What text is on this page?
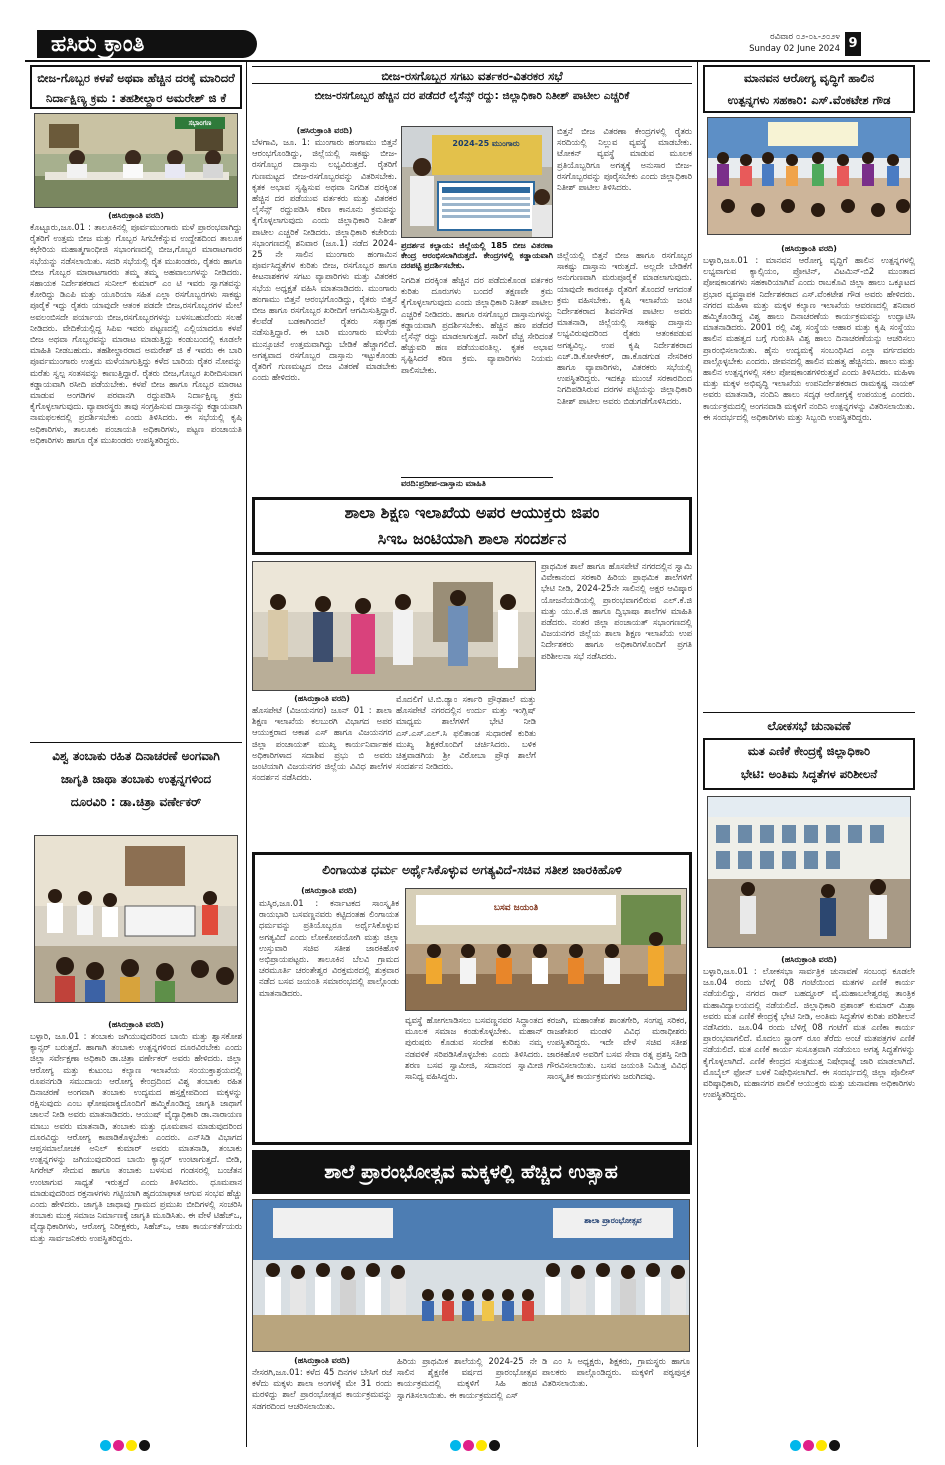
ಹಸಿರು ಕ್ರಾಂತಿ	ರವಿವಾರ ೦೨-೦೬-೨೦೨೪
Sunday 02 June 2024 9
ಬೀಜ-ಗೊಬ್ಬರ ಕಳಪೆ ಅಥವಾ ಹೆಚ್ಚಿನ ದರಕ್ಕೆ ಮಾರಿದರೆ
ನಿರ್ದಾಕ್ಷಿಣ್ಯ ಕ್ರಮ : ತಹಶೀಲ್ದಾರ ಅಮರೇಶ್ ಜಿ ಕೆ
ಸಭಾಂಗಣ
(ಹಸಿರುಕ್ರಾಂತಿ ವರದಿ)
ಕೊಟ್ಟೂರು,ಜೂ.01 : ತಾಲೂಕಿನಲ್ಲಿ ಪೂರ್ವಮುಂಗಾರು ಮಳೆ ಪ್ರಾರಂಭವಾಗಿದ್ದು ರೈತರಿಗೆ ಉತ್ತಮ ಬೀಜ ಮತ್ತು ಗೊಬ್ಬರ ಸಿಗಬೇಕೆನ್ನುವ ಉದ್ದೇಶದಿಂದ ತಾಲೂಕ ಕಛೇರಿಯ ಮಹಾತ್ಮಗಾಂಧೀಜಿ ಸಭಾಂಗಣದಲ್ಲಿ ಬೀಜ,ಗೊಬ್ಬರ ಮಾರಾಟಗಾರರ ಸಭೆಯನ್ನು ನಡೆಸಲಾಯಿತು. ಸದರಿ ಸಭೆಯಲ್ಲಿ ರೈತ ಮುಖಂಡರು, ರೈತರು ಹಾಗೂ ಬೀಜ ಗೊಬ್ಬರ ಮಾರಾಟಗಾರರು ತಮ್ಮ ತಮ್ಮ ಅಹವಾಲುಗಳನ್ನು ನೀಡಿದರು. ಸಹಾಯಕ ನಿರ್ದೇಶಕರಾದ ಸುನೀಲ್ ಕುಮಾರ್ ಎಂ ಟಿ ಇವರು ಸ್ವಾಗತವನ್ನು ಕೋರಿದ್ದು ಡಿಎಪಿ ಮತ್ತು ಯೂರಿಯಾ ಸಹಿತ ಎಲ್ಲಾ ರಸಗೊಬ್ಬರಗಳು ಸಾಕಷ್ಟು ಪೂರೈಕೆ ಇದ್ದು ರೈತರು ಯಾವುದೇ ಆತಂಕ ಪಡದೇ ಬೀಜ,ರಸಗೊಬ್ಬರಗಳ ಮೇಲೆ ಅವಲಂಬಿಸದೇ ಪರ್ಯಾಯ ಬೀಜ,ರಸಗೊಬ್ಬರಗಳನ್ನು ಬಳಸಬಹುದೆಂದು ಸಲಹೆ ನೀಡಿದರು. ವೇದಿಕೆಯಲ್ಲಿದ್ದ ಸಿಪಿಐ ಇವರು ಪಟ್ಟಣದಲ್ಲಿ ಎಲ್ಲಿಯಾದರೂ ಕಳಪೆ ಬೀಜ ಅಥವಾ ಗೊಬ್ಬರವನ್ನು ಮಾರಾಟ ಮಾಡುತ್ತಿದ್ದು ಕಂಡುಬಂದಲ್ಲಿ ಕೂಡಲೇ ಮಾಹಿತಿ ನೀಡಬಹುದು. ತಹಶೀಲ್ದಾರರಾದ ಅಮರೇಶ್ ಜಿ ಕೆ ಇವರು ಈ ಬಾರಿ ಪೂರ್ವಮುಂಗಾರು ಉತ್ತಮ ಮಳೆಯಾಗುತ್ತಿದ್ದು ಕಳೆದ ಬಾರಿಯ ರೈತರ ನೋವನ್ನು ಮರೆತು ಸ್ವಲ್ಪ ಸಂತಸವನ್ನು ಕಾಣುತ್ತಿದ್ದಾರೆ. ರೈತರು ಬೀಜ,ಗೊಬ್ಬರ ಖರೀದಿಸುವಾಗ ಕಡ್ಡಾಯವಾಗಿ ರಸೀದಿ ಪಡೆಯಬೇಕು. ಕಳಪೆ ಬೀಜ ಹಾಗೂ ಗೊಬ್ಬರ ಮಾರಾಟ ಮಾಡುವ ಅಂಗಡಿಗಳ ಪರವಾನಗಿ ರದ್ದುಪಡಿಸಿ ನಿರ್ದಾಕ್ಷಿಣ್ಯ ಕ್ರಮ ಕೈಗೊಳ್ಳಲಾಗುವುದು. ವ್ಯಾಪಾರಸ್ಥರು ತಾವು ಸಂಗ್ರಹಿಸುವ ದಾಸ್ತಾನನ್ನು ಕಡ್ಡಾಯವಾಗಿ ನಾಮಫಲಕದಲ್ಲಿ ಪ್ರದರ್ಶಿಸಬೇಕು ಎಂದು ತಿಳಿಸಿದರು. ಈ ಸಭೆಯಲ್ಲಿ ಕೃಷಿ ಅಧಿಕಾರಿಗಳು, ತಾಲೂಕು ಪಂಚಾಯತಿ ಅಧಿಕಾರಿಗಳು, ಪಟ್ಟಣ ಪಂಚಾಯತಿ ಅಧಿಕಾರಿಗಳು ಹಾಗೂ ರೈತ ಮುಖಂಡರು ಉಪಸ್ಥಿತರಿದ್ದರು.
ವಿಶ್ವ ತಂಬಾಕು ರಹಿತ ದಿನಾಚರಣೆ ಅಂಗವಾಗಿ
ಜಾಗೃತಿ ಜಾಥಾ ತಂಬಾಕು ಉತ್ಪನ್ನಗಳಿಂದ
ದೂರವಿರಿ : ಡಾ.ಚಿತ್ರಾ ವರ್ಣೇಕರ್
(ಹಸಿರುಕ್ರಾಂತಿ ವರದಿ)
ಬಳ್ಳಾರಿ, ಜೂ.01 : ತಂಬಾಕು ಜಗಿಯುವುದರಿಂದ ಬಾಯಿ ಮತ್ತು ಶ್ವಾಸಕೋಶ ಕ್ಯಾನ್ಸರ್ ಬರುತ್ತದೆ. ಹಾಗಾಗಿ ತಂಬಾಕು ಉತ್ಪನ್ನಗಳಿಂದ ದೂರವಿರಬೇಕು ಎಂದು ಜಿಲ್ಲಾ ಸರ್ವೇಕ್ಷಣಾ ಅಧಿಕಾರಿ ಡಾ.ಚಿತ್ರಾ ವರ್ಣೇಕರ್ ಅವರು ಹೇಳಿದರು. ಜಿಲ್ಲಾ ಆರೋಗ್ಯ ಮತ್ತು ಕುಟುಂಬ ಕಲ್ಯಾಣ ಇಲಾಖೆಯ ಸಂಯುಕ್ತಾಶ್ರಯದಲ್ಲಿ ರೂಪನಗುಡಿ ಸಮುದಾಯ ಆರೋಗ್ಯ ಕೇಂದ್ರದಿಂದ ವಿಶ್ವ ತಂಬಾಕು ರಹಿತ ದಿನಾಚರಣೆ ಅಂಗವಾಗಿ ತಂಬಾಕು ಉದ್ಯಮದ ಹಸ್ತಕ್ಷೇಪದಿಂದ ಮಕ್ಕಳನ್ನು ರಕ್ಷಿಸುವುದು ಎಂಬ ಘೋಷವಾಕ್ಯದೊಂದಿಗೆ ಹಮ್ಮಿಕೊಂಡಿದ್ದ ಜಾಗೃತಿ ಜಾಥಾಗೆ ಚಾಲನೆ ನೀಡಿ ಅವರು ಮಾತನಾಡಿದರು. ಆಯುಷ್ ವೈದ್ಯಾಧಿಕಾರಿ ಡಾ.ನಾರಾಯಣ ಮಾಬು ಅವರು ಮಾತನಾಡಿ, ತಂಬಾಕು ಮತ್ತು ಧೂಮಪಾನ ಮಾಡುವುದರಿಂದ ದೂರವಿದ್ದು ಆರೋಗ್ಯ ಕಾಪಾಡಿಕೊಳ್ಳಬೇಕು ಎಂದರು. ಎನ್‌ಸಿಡಿ ವಿಭಾಗದ ಆಪ್ತಸಮಾಲೋಚಕ ಅನಿಲ್ ಕುಮಾರ್ ಅವರು ಮಾತನಾಡಿ, ತಂಬಾಕು ಉತ್ಪನ್ನಗಳನ್ನು ಜಗಿಯುವುದರಿಂದ ಬಾಯಿ ಕ್ಯಾನ್ಸರ್ ಉಂಟಾಗುತ್ತದೆ. ಬೀಡಿ, ಸಿಗರೇಟ್ ಸೇದುವ ಹಾಗೂ ತಂಬಾಕು ಬಳಸುವ ಗಂಡಸರಲ್ಲಿ ಬಂಜೆತನ ಉಂಟಾಗುವ ಸಾಧ್ಯತೆ ಇರುತ್ತದೆ ಎಂದು ತಿಳಿಸಿದರು. ಧೂಮಪಾನ ಮಾಡುವುದರಿಂದ ರಕ್ತನಾಳಗಳು ಗಟ್ಟಿಯಾಗಿ ಹೃದಯಾಘಾತ ಆಗುವ ಸಂಭವ ಹೆಚ್ಚು ಎಂದು ಹೇಳಿದರು. ಜಾಗೃತಿ ಜಾಥಾವು ಗ್ರಾಮದ ಪ್ರಮುಖ ಬೀದಿಗಳಲ್ಲಿ ಸಂಚರಿಸಿ ತಂಬಾಕು ಮುಕ್ತ ಸಮಾಜ ನಿರ್ಮಾಣಕ್ಕೆ ಜಾಗೃತಿ ಮೂಡಿಸಿತು. ಈ ವೇಳೆ ಟಿಹೆಚ್‌ಒ, ವೈದ್ಯಾಧಿಕಾರಿಗಳು, ಆರೋಗ್ಯ ನಿರೀಕ್ಷಕರು, ಸಿಹೆಚ್‌ಒ, ಆಶಾ ಕಾರ್ಯಕರ್ತೆಯರು ಮತ್ತು ಸಾರ್ವಜನಿಕರು ಉಪಸ್ಥಿತರಿದ್ದರು.
ಬೀಜ-ರಸಗೊಬ್ಬರ ಸಗಟು ವರ್ತಕರ-ವಿತರಕರ ಸಭೆ
ಬೀಜ-ರಸಗೊಬ್ಬರ ಹೆಚ್ಚಿನ ದರ ಪಡೆದರೆ ಲೈಸೆನ್ಸ್ ರದ್ದು: ಜಿಲ್ಲಾಧಿಕಾರಿ ನಿತೀಶ್ ಪಾಟೀಲ ಎಚ್ಚರಿಕೆ
(ಹಸಿರುಕ್ರಾಂತಿ ವರದಿ)
ಬೆಳಗಾವಿ, ಜೂ. 1: ಮುಂಗಾರು ಹಂಗಾಮು ಬಿತ್ತನೆ ಆರಂಭಗೊಂಡಿದ್ದು, ಜಿಲ್ಲೆಯಲ್ಲಿ ಸಾಕಷ್ಟು ಬೀಜ-ರಸಗೊಬ್ಬರ ದಾಸ್ತಾನು ಲಭ್ಯವಿರುತ್ತದೆ. ರೈತರಿಗೆ ಗುಣಮಟ್ಟದ ಬೀಜ-ರಸಗೊಬ್ಬರವನ್ನು ವಿತರಿಸಬೇಕು. ಕೃತಕ ಅಭಾವ ಸೃಷ್ಟಿಸುವ ಅಥವಾ ನಿಗದಿತ ದರಕ್ಕಿಂತ ಹೆಚ್ಚಿನ ದರ ಪಡೆಯುವ ವರ್ತಕರು ಮತ್ತು ವಿತರಕರ ಲೈಸೆನ್ಸ್ ರದ್ದುಪಡಿಸಿ ಕಠಿಣ ಕಾನೂನು ಕ್ರಮವನ್ನು ಕೈಗೊಳ್ಳಲಾಗುವುದು ಎಂದು ಜಿಲ್ಲಾಧಿಕಾರಿ ನಿತೀಶ್ ಪಾಟೀಲ ಎಚ್ಚರಿಕೆ ನೀಡಿದರು. ಜಿಲ್ಲಾಧಿಕಾರಿ ಕಚೇರಿಯ ಸಭಾಂಗಣದಲ್ಲಿ ಶನಿವಾರ (ಜೂ.1) ನಡೆದ 2024-25 ನೇ ಸಾಲಿನ ಮುಂಗಾರು ಹಂಗಾಮಿನ ಪೂರ್ವಸಿದ್ಧತೆಗಳ ಕುರಿತು ಬೀಜ, ರಸಗೊಬ್ಬರ ಹಾಗೂ ಕೀಟನಾಶಕಗಳ ಸಗಟು ವ್ಯಾಪಾರಿಗಳು ಮತ್ತು ವಿತರಕರ ಸಭೆಯ ಅಧ್ಯಕ್ಷತೆ ವಹಿಸಿ ಮಾತನಾಡಿದರು. ಮುಂಗಾರು ಹಂಗಾಮು ಬಿತ್ತನೆ ಆರಂಭಗೊಂಡಿದ್ದು, ರೈತರು ಬಿತ್ತನೆ ಬೀಜ ಹಾಗೂ ರಸಗೊಬ್ಬರ ಖರೀದಿಗೆ ಆಗಮಿಸುತ್ತಿದ್ದಾರೆ. ಕೆಲವೆಡೆ ಬಡಕಾಗಿಂದಲೆ ರೈತರು ಸತ್ಯಾಗ್ರಹ ನಡೆಸುತ್ತಿದ್ದಾರೆ. ಈ ಬಾರಿ ಮುಂಗಾರು ಮಳೆಯ ಮುನ್ಸೂಚನೆ ಉತ್ತಮವಾಗಿದ್ದು ಬೇಡಿಕೆ ಹೆಚ್ಚಾಗಲಿದೆ. ಅಗತ್ಯವಾದ ರಸಗೊಬ್ಬರ ದಾಸ್ತಾನು ಇಟ್ಟುಕೊಂಡು ರೈತರಿಗೆ ಗುಣಮಟ್ಟದ ಬೀಜ ವಿತರಣೆ ಮಾಡಬೇಕು ಎಂದು ಹೇಳಿದರು.
2024-25 ಮುಂಗಾರು
ಪ್ರದರ್ಶನ ಕಲ್ಪಾಯ: ಜಿಲ್ಲೆಯಲ್ಲಿ 185 ಬೀಜ ವಿತರಣಾ ಕೇಂದ್ರ ಆರಂಭಿಸಲಾಗಿರುತ್ತದೆ. ಕೇಂದ್ರಗಳಲ್ಲಿ ಕಡ್ಡಾಯವಾಗಿ ದರಪಟ್ಟಿ ಪ್ರದರ್ಶಿಸಬೇಕು.
ನಿಗದಿತ ದರಕ್ಕಿಂತ ಹೆಚ್ಚಿನ ದರ ಪಡೆದುಕೊಂಡ ವರ್ತಕರ ಕುರಿತು ದೂರುಗಳು ಬಂದರೆ ತಕ್ಷಣವೇ ಕ್ರಮ ಕೈಗೊಳ್ಳಲಾಗುವುದು ಎಂದು ಜಿಲ್ಲಾಧಿಕಾರಿ ನಿತೀಶ್ ಪಾಟೀಲ ಎಚ್ಚರಿಕೆ ನೀಡಿದರು. ಹಾಗೂ ರಸಗೊಬ್ಬರ ದಾಸ್ತಾನುಗಳನ್ನು ಕಡ್ಡಾಯವಾಗಿ ಪ್ರದರ್ಶಿಸಬೇಕು. ಹೆಚ್ಚಿನ ಹಣ ಪಡೆದರೆ ಲೈಸೆನ್ಸ್ ರದ್ದು ಮಾಡಲಾಗುತ್ತದೆ. ಸಾರಿಗೆ ವೆಚ್ಚ ಸೇರಿದಂತೆ ಹೆಚ್ಚುವರಿ ಹಣ ಪಡೆಯುವಂತಿಲ್ಲ. ಕೃತಕ ಅಭಾವ ಸೃಷ್ಟಿಸಿದರೆ ಕಠಿಣ ಕ್ರಮ. ವ್ಯಾಪಾರಿಗಳು ನಿಯಮ ಪಾಲಿಸಬೇಕು.
ವರದಿ:ಪ್ರದೀಪ-ದಾಸ್ತಾನು ಮಾಹಿತಿ
ಬಿತ್ತನೆ ಬೀಜ ವಿತರಣಾ ಕೇಂದ್ರಗಳಲ್ಲಿ ರೈತರು ಸರದಿಯಲ್ಲಿ ನಿಲ್ಲುವ ವ್ಯವಸ್ಥೆ ಮಾಡಬೇಕು. ಟೋಕನ್ ವ್ಯವಸ್ಥೆ ಮಾಡುವ ಮೂಲಕ ಪ್ರತಿಯೊಬ್ಬರಿಗೂ ಅಗತ್ಯಕ್ಕೆ ಅನುಸಾರ ಬೀಜ-ರಸಗೊಬ್ಬರವನ್ನು ಪೂರೈಸಬೇಕು ಎಂದು ಜಿಲ್ಲಾಧಿಕಾರಿ ನಿತೀಶ್ ಪಾಟೀಲ ತಿಳಿಸಿದರು.
ಜಿಲ್ಲೆಯಲ್ಲಿ ಬಿತ್ತನೆ ಬೀಜ ಹಾಗೂ ರಸಗೊಬ್ಬರ ಸಾಕಷ್ಟು ದಾಸ್ತಾನು ಇರುತ್ತದೆ. ಅಲ್ಲದೇ ಬೇಡಿಕೆಗೆ ಅನುಗುಣವಾಗಿ ಮರುಪೂರೈಕೆ ಮಾಡಲಾಗುವುದು. ಯಾವುದೇ ಕಾರಣಕ್ಕೂ ರೈತರಿಗೆ ತೊಂದರೆ ಆಗದಂತೆ ಕ್ರಮ ವಹಿಸಬೇಕು. ಕೃಷಿ ಇಲಾಖೆಯ ಜಂಟಿ ನಿರ್ದೇಶಕರಾದ ಶಿವನಗೌಡ ಪಾಟೀಲ ಅವರು ಮಾತನಾಡಿ, ಜಿಲ್ಲೆಯಲ್ಲಿ ಸಾಕಷ್ಟು ದಾಸ್ತಾನು ಲಭ್ಯವಿರುವುದರಿಂದ ರೈತರು ಆತಂಕಪಡುವ ಅಗತ್ಯವಿಲ್ಲ. ಉಪ ಕೃಷಿ ನಿರ್ದೇಶಕರಾದ ಎಚ್.ಡಿ.ಕೋಳೇಕರ್, ಡಾ.ಕೊಡಗುಡ ನೇಸರಿಕರ ಹಾಗೂ ವ್ಯಾಪಾರಿಗಳು, ವಿತರಕರು ಸಭೆಯಲ್ಲಿ ಉಪಸ್ಥಿತರಿದ್ದರು. ಇದಕ್ಕೂ ಮುಂಚೆ ಸರಕಾರದಿಂದ ನಿಗದಿಪಡಿಸಿರುವ ದರಗಳ ಪಟ್ಟಿಯನ್ನು ಜಿಲ್ಲಾಧಿಕಾರಿ ನಿತೀಶ್ ಪಾಟೀಲ ಅವರು ಬಿಡುಗಡೆಗೊಳಿಸಿದರು.
ಶಾಲಾ ಶಿಕ್ಷಣ ಇಲಾಖೆಯ ಅಪರ ಆಯುಕ್ತರು ಜಿಪಂ
ಸಿಇಒ ಜಂಟಿಯಾಗಿ ಶಾಲಾ ಸಂದರ್ಶನ
ಪ್ರಾಥಮಿಕ ಶಾಲೆ ಹಾಗೂ ಹೊಸಪೇಟೆ ನಗರದಲ್ಲಿನ ಸ್ವಾಮಿ ವಿವೇಕಾನಂದ ಸರಕಾರಿ ಹಿರಿಯ ಪ್ರಾಥಮಿಕ ಶಾಲೆಗಳಿಗೆ ಭೇಟಿ ನೀಡಿ, 2024-25ನೇ ಸಾಲಿನಲ್ಲಿ ಅಕ್ಷರ ಆವಿಷ್ಕಾರ ಯೋಜನೆಯಡಿಯಲ್ಲಿ ಪ್ರಾರಂಭವಾಗಲಿರುವ ಎಲ್.ಕೆ.ಜಿ ಮತ್ತು ಯು.ಕೆ.ಜಿ ಹಾಗೂ ದ್ವಿಭಾಷಾ ಶಾಲೆಗಳ ಮಾಹಿತಿ ಪಡೆದರು. ನಂತರ ಜಿಲ್ಲಾ ಪಂಚಾಯತ್ ಸಭಾಂಗಣದಲ್ಲಿ ವಿಜಯನಗರ ಜಿಲ್ಲೆಯ ಶಾಲಾ ಶಿಕ್ಷಣ ಇಲಾಖೆಯ ಉಪ ನಿರ್ದೇಶಕರು ಹಾಗೂ ಅಧಿಕಾರಿಗಳೊಂದಿಗೆ ಪ್ರಗತಿ ಪರಿಶೀಲನಾ ಸಭೆ ನಡೆಸಿದರು.
(ಹಸಿರುಕ್ರಾಂತಿ ವರದಿ)
ಹೊಸಪೇಟೆ (ವಿಜಯನಗರ) ಜೂನ್ 01 : ಶಾಲಾ ಶಿಕ್ಷಣ ಇಲಾಖೆಯ ಕಲಬುರಗಿ ವಿಭಾಗದ ಅಪರ ಆಯುಕ್ತರಾದ ಆಕಾಶ ಎಸ್ ಹಾಗೂ ವಿಜಯನಗರ ಜಿಲ್ಲಾ ಪಂಚಾಯತ್ ಮುಖ್ಯ ಕಾರ್ಯನಿರ್ವಾಹಕ ಅಧಿಕಾರಿಗಳಾದ ಸದಾಶಿವ ಪ್ರಭು ಬಿ ಅವರು ಜಂಟಿಯಾಗಿ ವಿಜಯನಗರ ಜಿಲ್ಲೆಯ ವಿವಿಧ ಶಾಲೆಗಳ ಸಂದರ್ಶನ ನಡೆಸಿದರು.
ಮೊದಲಿಗೆ ಟಿ.ಬಿ.ಡ್ಯಾಂ ಸರ್ಕಾರಿ ಪ್ರೌಢಶಾಲೆ ಮತ್ತು ಹೊಸಪೇಟೆ ನಗರದಲ್ಲಿನ ಉರ್ದು ಮತ್ತು ಇಂಗ್ಲಿಷ್ ಮಾಧ್ಯಮ ಶಾಲೆಗಳಿಗೆ ಭೇಟಿ ನೀಡಿ ಎಸ್.ಎಸ್.ಎಲ್.ಸಿ ಫಲಿತಾಂಶ ಸುಧಾರಣೆ ಕುರಿತು ಮುಖ್ಯ ಶಿಕ್ಷಕರೊಂದಿಗೆ ಚರ್ಚಿಸಿದರು. ಬಳಿಕ ಚಿತ್ತವಾಡಗಿಯ ಶ್ರೀ ವಿಠೋಬಾ ಪ್ರೌಢ ಶಾಲೆಗೆ ಸಂದರ್ಶನ ನೀಡಿದರು.
ಲಿಂಗಾಯತ ಧರ್ಮ ಅರ್ಥೈಸಿಕೊಳ್ಳುವ ಅಗತ್ಯವಿದೆ-ಸಚಿವ ಸತೀಶ ಜಾರಕಿಹೊಳಿ
(ಹಸಿರುಕ್ರಾಂತಿ ವರದಿ)
ಮಸ್ಕಿರ,ಜೂ.01 : ಕರ್ನಾಟಕದ ಸಾಂಸ್ಕೃತಿಕ ರಾಯಭಾರಿ ಬಸವಣ್ಣನವರು ಕಟ್ಟಿದಂತಹ ಲಿಂಗಾಯತ ಧರ್ಮವನ್ನು ಪ್ರತಿಯೊಬ್ಬರೂ ಅರ್ಥೈಸಿಕೊಳ್ಳುವ ಅಗತ್ಯವಿದೆ ಎಂದು ಲೋಕೋಪಯೋಗಿ ಮತ್ತು ಜಿಲ್ಲಾ ಉಸ್ತುವಾರಿ ಸಚಿವ ಸತೀಶ ಜಾರಕಿಹೊಳಿ ಅಭಿಪ್ರಾಯಪಟ್ಟರು. ತಾಲೂಕಿನ ಬೆಲವಿ ಗ್ರಾಮದ ಚರಮೂರ್ತಿ ಚರಂತೇಶ್ವರ ವಿರಕ್ತಮಠದಲ್ಲಿ ಶುಕ್ರವಾರ ನಡೆದ ಬಸವ ಜಯಂತಿ ಸಮಾರಂಭದಲ್ಲಿ ಪಾಲ್ಗೊಂಡು ಮಾತನಾಡಿದರು.
ಬಸವ ಜಯಂತಿ
ವ್ಯವಸ್ಥೆ ಹೋಗಲಾಡಿಸಲು ಬಸವಣ್ಣನವರ ಸಿದ್ಧಾಂತದ ಮೂಲಕ ಸಮಾಜ ಕಂಡುಕೊಳ್ಳಬೇಕು. ಮಹಾನ್ ಪುರುಷರು ಕೊಡುವ ಸಂದೇಶ ಕುರಿತು ನಮ್ಮ ನಡವಳಿಕೆ ಸರಿಪಡಿಸಿಕೊಳ್ಳಬೇಕು ಎಂದು ತಿಳಿಸಿದರು. ಶರಣ ಬಸವ ಸ್ವಾಮೀಜಿ, ಸದಾನಂದ ಸ್ವಾಮೀಜಿ ಸಾನಿಧ್ಯ ವಹಿಸಿದ್ದರು.
ಕರಜಗಿ, ಮಹಾಂತೇಶ ಶಾಂತಗೇರಿ, ಸಂಗಪ್ಪ ಸರಿಕರ, ರಾಜಶೇಖರ ಮಂಡಳಿ ವಿವಿಧ ಮಠಾಧೀಶರು ಉಪಸ್ಥಿತರಿದ್ದರು. ಇದೇ ವೇಳೆ ಸಚಿವ ಸತೀಶ ಜಾರಕಿಹೊಳಿ ಅವರಿಗೆ ಬಸವ ಸೇವಾ ರತ್ನ ಪ್ರಶಸ್ತಿ ನೀಡಿ ಗೌರವಿಸಲಾಯಿತು. ಬಸವ ಜಯಂತಿ ನಿಮಿತ್ತ ವಿವಿಧ ಸಾಂಸ್ಕೃತಿಕ ಕಾರ್ಯಕ್ರಮಗಳು ಜರುಗಿದವು.
ಶಾಲೆ ಪ್ರಾರಂಭೋತ್ಸವ ಮಕ್ಕಳಲ್ಲಿ ಹೆಚ್ಚಿದ ಉತ್ಸಾಹ
ಶಾಲಾ ಪ್ರಾರಂಭೋತ್ಸವ
(ಹಸಿರುಕ್ರಾಂತಿ ವರದಿ)
ನೇಸರಗಿ,ಜೂ.01: ಕಳೆದ 45 ದಿನಗಳ ಬೇಸಿಗೆ ರಜೆ ಕಳೆದು ಮಕ್ಕಳು ಶಾಲಾ ಅಂಗಳಕ್ಕೆ ಮೇ 31 ರಂದು ಮರಳಿದ್ದು ಶಾಲೆ ಪ್ರಾರಂಭೋತ್ಸವ ಕಾರ್ಯಕ್ರಮವನ್ನು ಸಡಗರದಿಂದ ಆಚರಿಸಲಾಯಿತು.
ಹಿರಿಯ ಪ್ರಾಥಮಿಕ ಶಾಲೆಯಲ್ಲಿ 2024-25 ನೇ ಸಾಲಿನ ಶೈಕ್ಷಣಿಕ ವರ್ಷದ ಪ್ರಾರಂಭೋತ್ಸವ ಕಾರ್ಯಕ್ರಮದಲ್ಲಿ ಮಕ್ಕಳಿಗೆ ಸಿಹಿ ಹಂಚಿ ಸ್ವಾಗತಿಸಲಾಯಿತು. ಈ ಕಾರ್ಯಕ್ರಮದಲ್ಲಿ ಎಸ್
ಡಿ ಎಂ ಸಿ ಅಧ್ಯಕ್ಷರು, ಶಿಕ್ಷಕರು, ಗ್ರಾಮಸ್ಥರು ಹಾಗೂ ಪಾಲಕರು ಪಾಲ್ಗೊಂಡಿದ್ದರು. ಮಕ್ಕಳಿಗೆ ಪಠ್ಯಪುಸ್ತಕ ವಿತರಿಸಲಾಯಿತು.
ಮಾನವನ ಆರೋಗ್ಯ ವೃದ್ಧಿಗೆ ಹಾಲಿನ
ಉತ್ಪನ್ನಗಳು ಸಹಕಾರಿ: ಎಸ್.ವೆಂಕಟೇಶ ಗೌಡ
(ಹಸಿರುಕ್ರಾಂತಿ ವರದಿ)
ಬಳ್ಳಾರಿ,ಜೂ.01 : ಮಾನವನ ಆರೋಗ್ಯ ವೃದ್ಧಿಗೆ ಹಾಲಿನ ಉತ್ಪನ್ನಗಳಲ್ಲಿ ಲಭ್ಯವಾಗುವ ಕ್ಯಾಲ್ಸಿಯಂ, ಪ್ರೋಟಿನ್, ವಿಟಮಿನ್-ಬಿ2 ಮುಂತಾದ ಪೋಷಕಾಂಶಗಳು ಸಹಕಾರಿಯಾಗಿವೆ ಎಂದು ರಾಬಕೊವಿ ಜಿಲ್ಲಾ ಹಾಲು ಒಕ್ಕೂಟದ ಪ್ರಭಾರ ವ್ಯವಸ್ಥಾಪಕ ನಿರ್ದೇಶಕರಾದ ಎಸ್.ವೆಂಕಟೇಶ ಗೌಡ ಅವರು ಹೇಳಿದರು. ನಗರದ ಮಹಿಳಾ ಮತ್ತು ಮಕ್ಕಳ ಕಲ್ಯಾಣ ಇಲಾಖೆಯ ಆವರಣದಲ್ಲಿ ಶನಿವಾರ ಹಮ್ಮಿಕೊಂಡಿದ್ದ ವಿಶ್ವ ಹಾಲು ದಿನಾಚರಣೆಯ ಕಾರ್ಯಕ್ರಮವನ್ನು ಉದ್ಘಾಟಿಸಿ ಮಾತನಾಡಿದರು. 2001 ರಲ್ಲಿ ವಿಶ್ವ ಸಂಸ್ಥೆಯ ಆಹಾರ ಮತ್ತು ಕೃಷಿ ಸಂಸ್ಥೆಯು ಹಾಲಿನ ಮಹತ್ವದ ಬಗ್ಗೆ ಗುರುತಿಸಿ ವಿಶ್ವ ಹಾಲು ದಿನಾಚರಣೆಯನ್ನು ಆಚರಿಸಲು ಪ್ರಾರಂಭಿಸಲಾಯಿತು. ಹೈನು ಉದ್ಯಮಕ್ಕೆ ಸಂಬಂಧಿಸಿದ ಎಲ್ಲಾ ವರ್ಗದವರು ಪಾಲ್ಗೊಳ್ಳಬೇಕು ಎಂದರು. ಜೀವನದಲ್ಲಿ ಹಾಲಿನ ಮಹತ್ವ ಹೆಚ್ಚಿನದು. ಹಾಲು ಮತ್ತು ಹಾಲಿನ ಉತ್ಪನ್ನಗಳಲ್ಲಿ ಸಕಲ ಪೋಷಕಾಂಶಗಳಿರುತ್ತವೆ ಎಂದು ತಿಳಿಸಿದರು. ಮಹಿಳಾ ಮತ್ತು ಮಕ್ಕಳ ಅಭಿವೃದ್ಧಿ ಇಲಾಖೆಯ ಉಪನಿರ್ದೇಶಕರಾದ ರಾಮಕೃಷ್ಣ ನಾಯಕ್ ಅವರು ಮಾತನಾಡಿ, ನಂದಿನಿ ಹಾಲು ಸದೃಢ ಆರೋಗ್ಯಕ್ಕೆ ಉಪಯುಕ್ತ ಎಂದರು. ಕಾರ್ಯಕ್ರಮದಲ್ಲಿ ಅಂಗನವಾಡಿ ಮಕ್ಕಳಿಗೆ ನಂದಿನಿ ಉತ್ಪನ್ನಗಳನ್ನು ವಿತರಿಸಲಾಯಿತು. ಈ ಸಂದರ್ಭದಲ್ಲಿ ಅಧಿಕಾರಿಗಳು ಮತ್ತು ಸಿಬ್ಬಂದಿ ಉಪಸ್ಥಿತರಿದ್ದರು.
ಲೋಕಸಭೆ ಚುನಾವಣೆ
ಮತ ಎಣಿಕೆ ಕೇಂದ್ರಕ್ಕೆ ಜಿಲ್ಲಾಧಿಕಾರಿ
ಭೇಟಿ: ಅಂತಿಮ ಸಿದ್ಧತೆಗಳ ಪರಿಶೀಲನೆ
(ಹಸಿರುಕ್ರಾಂತಿ ವರದಿ)
ಬಳ್ಳಾರಿ,ಜೂ.01 : ಲೋಕಸಭಾ ಸಾರ್ವತ್ರಿಕ ಚುನಾವಣೆ ಸಂಬಂಧ ಕೂಡಲೇ ಜೂ.04 ರಂದು ಬೆಳಿಗ್ಗೆ 08 ಗಂಟೆಯಿಂದ ಮತಗಳ ಎಣಿಕೆ ಕಾರ್ಯ ನಡೆಯಲಿದ್ದು, ನಗರದ ರಾವ್ ಬಹದ್ದೂರ್ ವೈ.ಮಹಾಬಲೇಶ್ವರಪ್ಪ ತಾಂತ್ರಿಕ ಮಹಾವಿದ್ಯಾಲಯದಲ್ಲಿ ನಡೆಯಲಿದೆ. ಜಿಲ್ಲಾಧಿಕಾರಿ ಪ್ರಶಾಂತ್ ಕುಮಾರ್ ಮಿಶ್ರಾ ಅವರು ಮತ ಎಣಿಕೆ ಕೇಂದ್ರಕ್ಕೆ ಭೇಟಿ ನೀಡಿ, ಅಂತಿಮ ಸಿದ್ಧತೆಗಳ ಕುರಿತು ಪರಿಶೀಲನೆ ನಡೆಸಿದರು. ಜೂ.04 ರಂದು ಬೆಳಿಗ್ಗೆ 08 ಗಂಟೆಗೆ ಮತ ಎಣಿಕಾ ಕಾರ್ಯ ಪ್ರಾರಂಭವಾಗಲಿದೆ. ಮೊದಲು ಸ್ಟ್ರಾಂಗ್ ರೂಂ ತೆರೆದು ಅಂಚೆ ಮತಪತ್ರಗಳ ಎಣಿಕೆ ನಡೆಯಲಿದೆ. ಮತ ಎಣಿಕೆ ಕಾರ್ಯ ಸುಸೂತ್ರವಾಗಿ ನಡೆಯಲು ಅಗತ್ಯ ಸಿದ್ಧತೆಗಳನ್ನು ಕೈಗೊಳ್ಳಲಾಗಿದೆ. ಎಣಿಕೆ ಕೇಂದ್ರದ ಸುತ್ತಮುತ್ತ ನಿಷೇಧಾಜ್ಞೆ ಜಾರಿ ಮಾಡಲಾಗಿದೆ. ಮೊಬೈಲ್ ಫೋನ್ ಬಳಕೆ ನಿಷೇಧಿಸಲಾಗಿದೆ. ಈ ಸಂದರ್ಭದಲ್ಲಿ ಜಿಲ್ಲಾ ಪೊಲೀಸ್ ವರಿಷ್ಠಾಧಿಕಾರಿ, ಮಹಾನಗರ ಪಾಲಿಕೆ ಆಯುಕ್ತರು ಮತ್ತು ಚುನಾವಣಾ ಅಧಿಕಾರಿಗಳು ಉಪಸ್ಥಿತರಿದ್ದರು.
